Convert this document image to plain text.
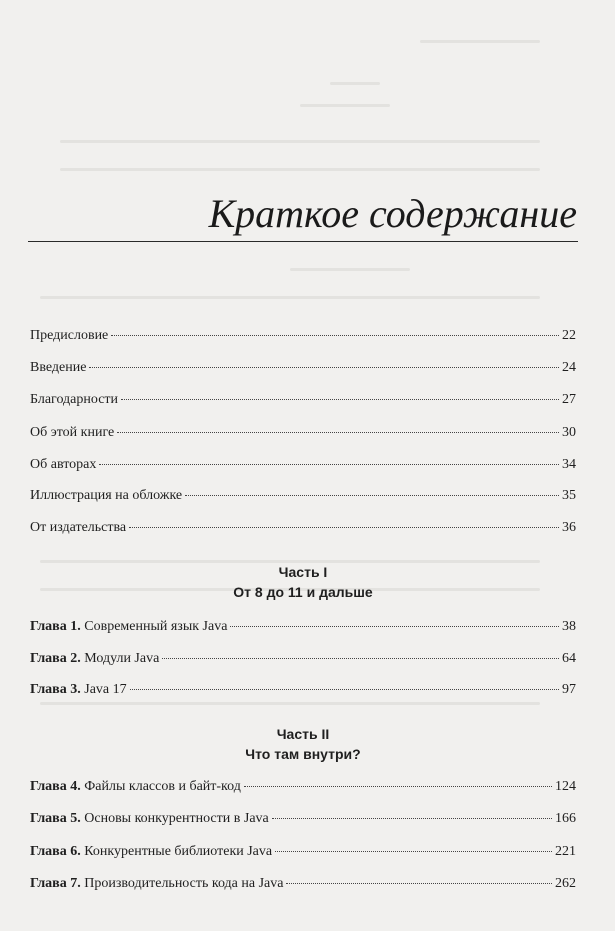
Краткое содержание
Предисловие	22
Введение	24
Благодарности	27
Об этой книге	30
Об авторах	34
Иллюстрация на обложке	35
От издательства	36
Часть I
От 8 до 11 и дальше
Глава 1. Современный язык Java	38
Глава 2. Модули Java	64
Глава 3. Java 17	97
Часть II
Что там внутри?
Глава 4. Файлы классов и байт-код	124
Глава 5. Основы конкурентности в Java	166
Глава 6. Конкурентные библиотеки Java	221
Глава 7. Производительность кода на Java	262
